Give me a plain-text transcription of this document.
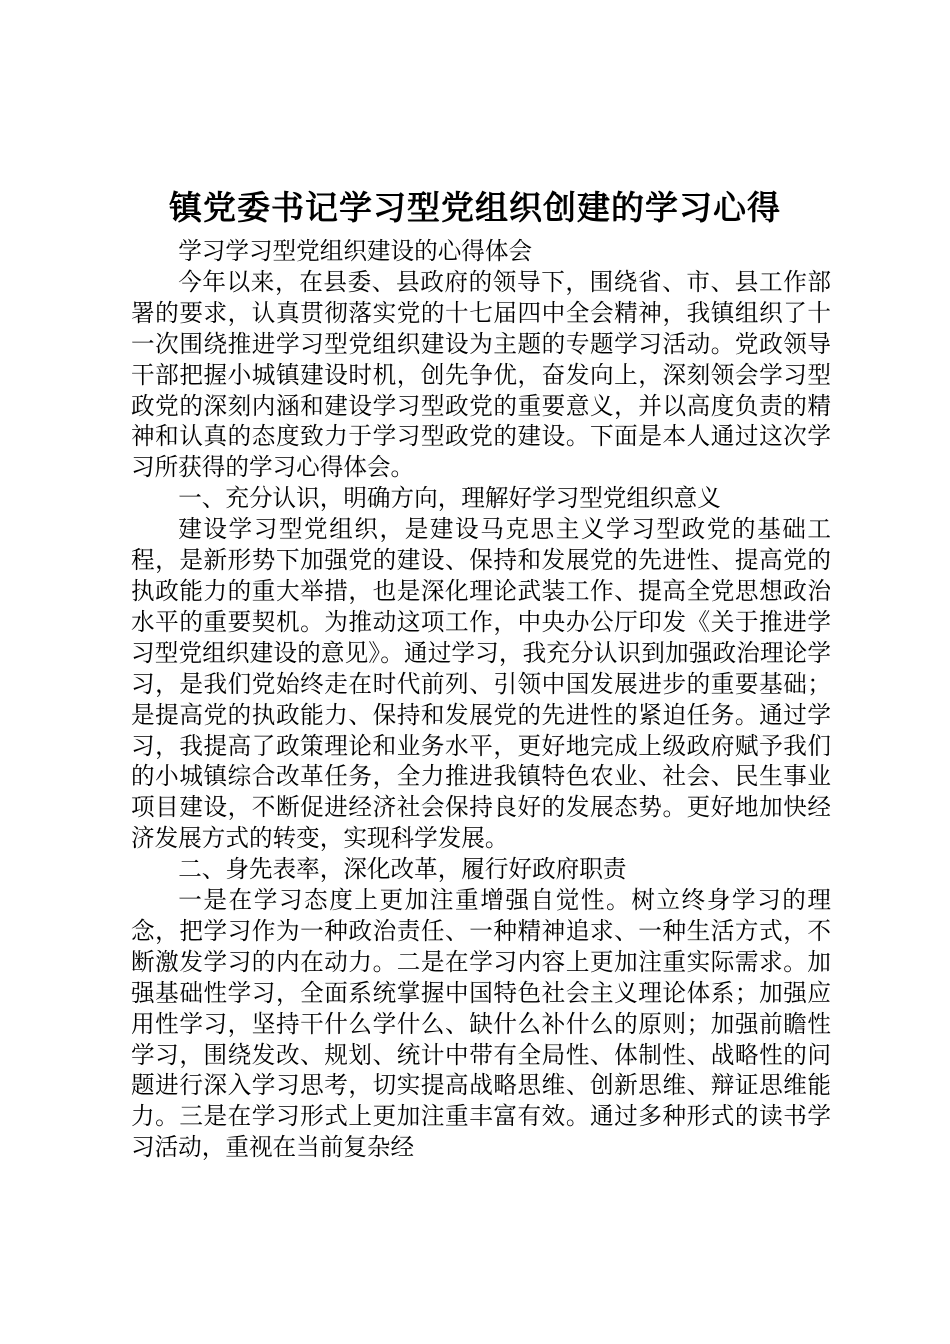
镇党委书记学习型党组织创建的学习心得

学习学习型党组织建设的心得体会

今年以来，在县委、县政府的领导下，围绕省、市、县工作部署的要求，认真贯彻落实党的十七届四中全会精神，我镇组织了十一次围绕推进学习型党组织建设为主题的专题学习活动。党政领导干部把握小城镇建设时机，创先争优，奋发向上，深刻领会学习型政党的深刻内涵和建设学习型政党的重要意义，并以高度负责的精神和认真的态度致力于学习型政党的建设。下面是本人通过这次学习所获得的学习心得体会。

一、充分认识，明确方向，理解好学习型党组织意义

建设学习型党组织，是建设马克思主义学习型政党的基础工程，是新形势下加强党的建设、保持和发展党的先进性、提高党的执政能力的重大举措，也是深化理论武装工作、提高全党思想政治水平的重要契机。为推动这项工作，中央办公厅印发《关于推进学习型党组织建设的意见》。通过学习，我充分认识到加强政治理论学习，是我们党始终走在时代前列、引领中国发展进步的重要基础；是提高党的执政能力、保持和发展党的先进性的紧迫任务。通过学习，我提高了政策理论和业务水平，更好地完成上级政府赋予我们的小城镇综合改革任务，全力推进我镇特色农业、社会、民生事业项目建设，不断促进经济社会保持良好的发展态势。更好地加快经济发展方式的转变，实现科学发展。

二、身先表率，深化改革，履行好政府职责

一是在学习态度上更加注重增强自觉性。树立终身学习的理念，把学习作为一种政治责任、一种精神追求、一种生活方式，不断激发学习的内在动力。二是在学习内容上更加注重实际需求。加强基础性学习，全面系统掌握中国特色社会主义理论体系；加强应用性学习，坚持干什么学什么、缺什么补什么的原则；加强前瞻性学习，围绕发改、规划、统计中带有全局性、体制性、战略性的问题进行深入学习思考，切实提高战略思维、创新思维、辩证思维能力。三是在学习形式上更加注重丰富有效。通过多种形式的读书学习活动，重视在当前复杂经
